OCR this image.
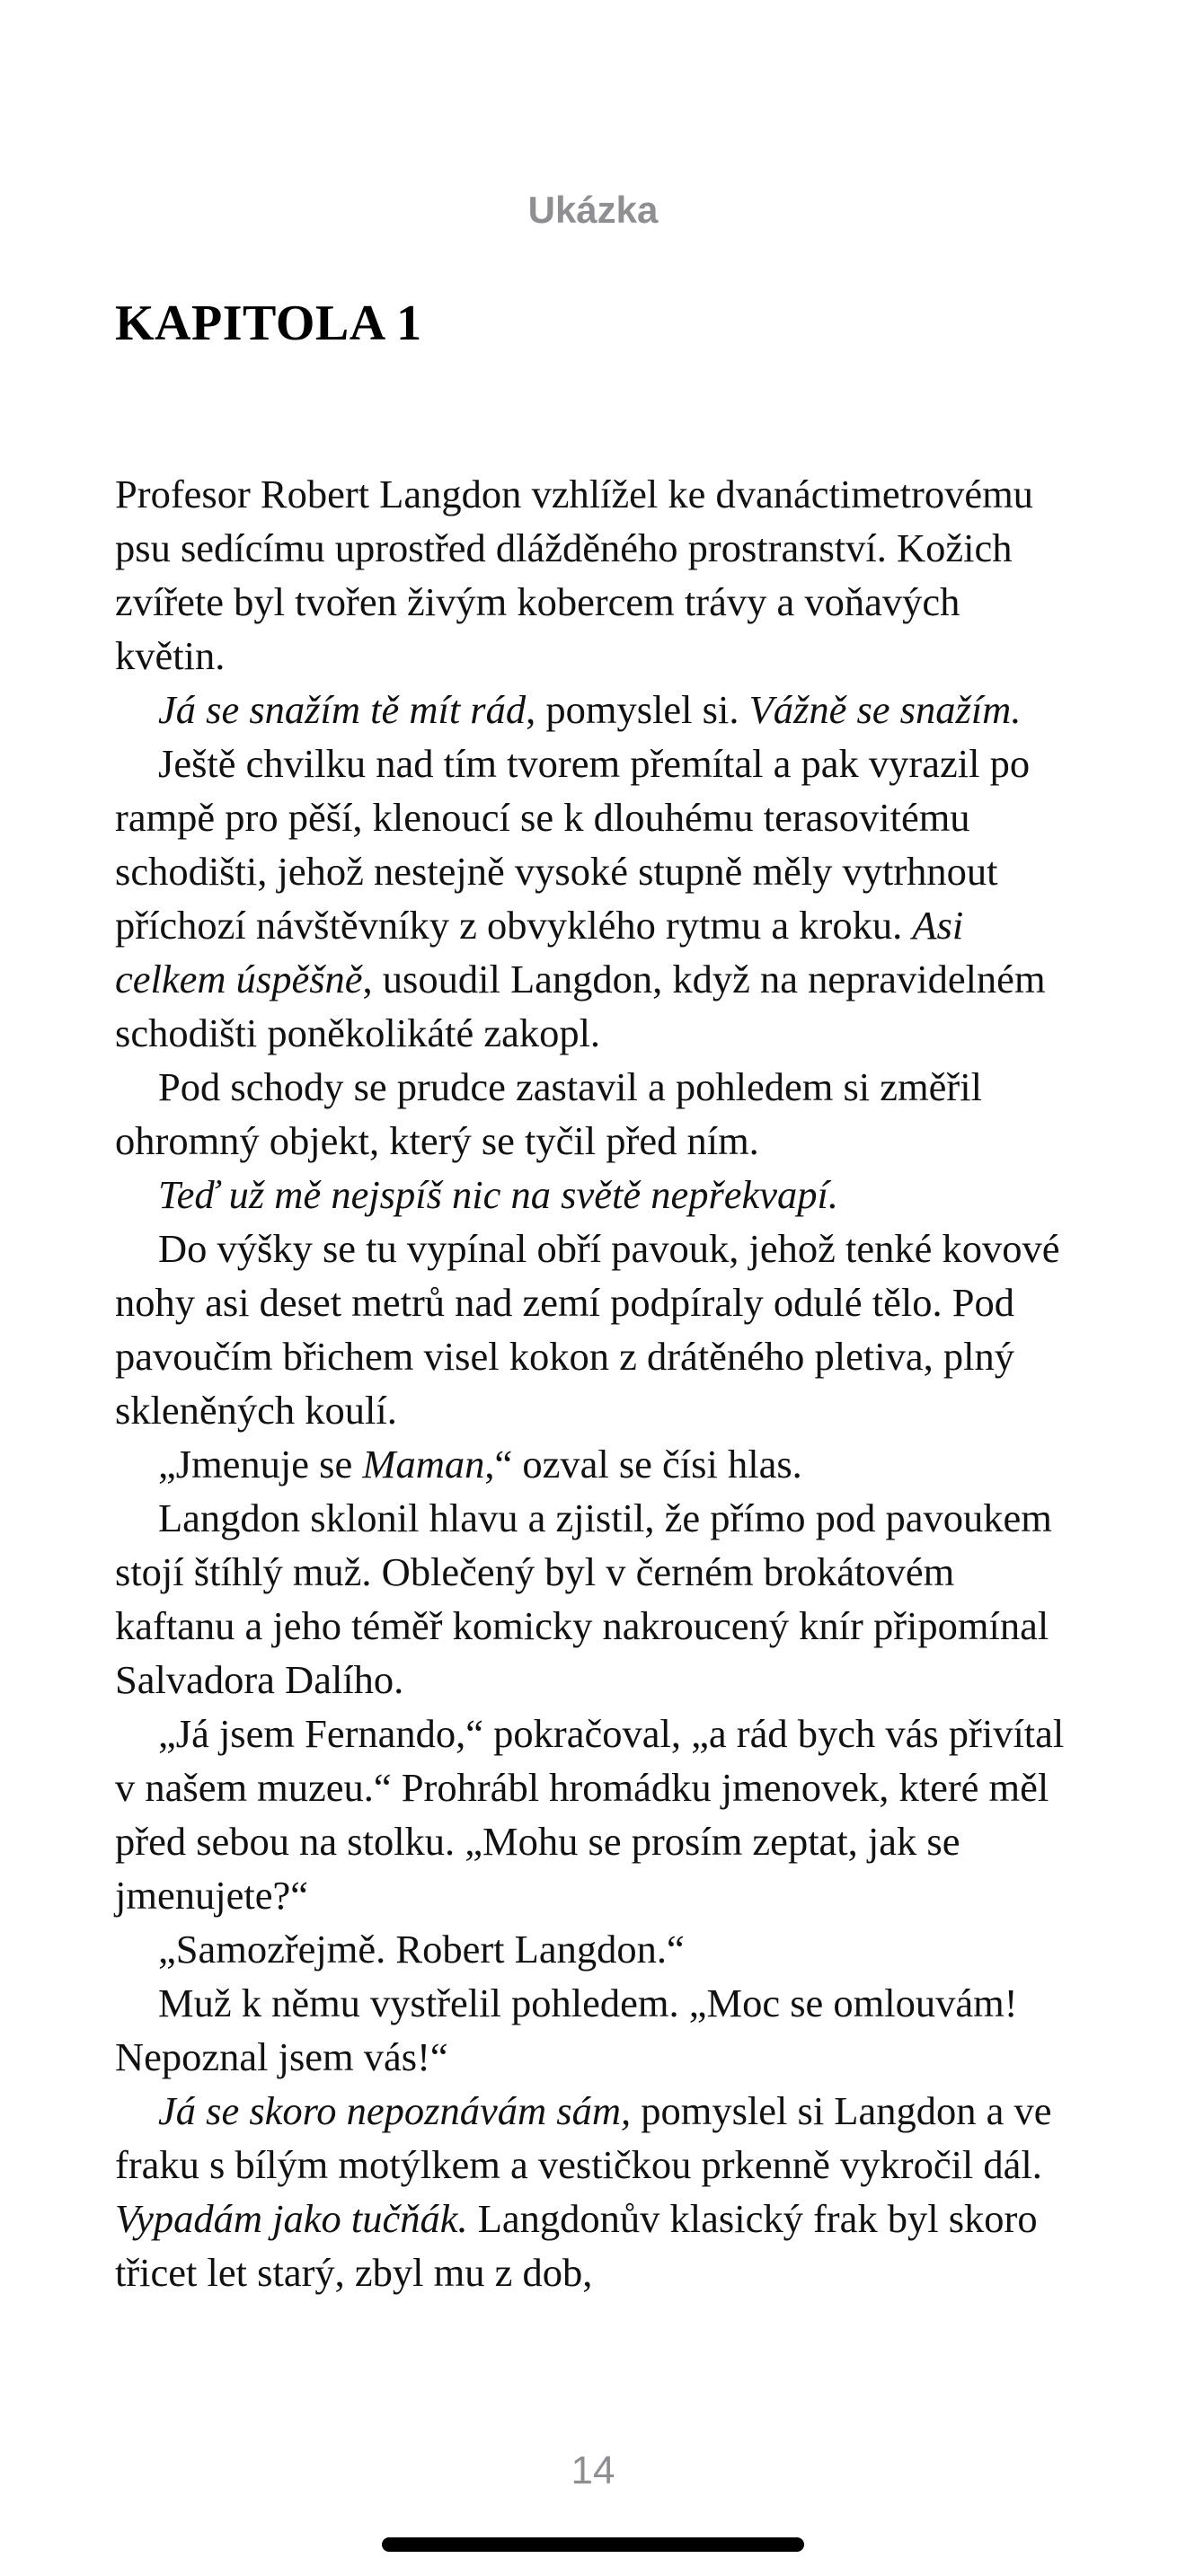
Ukázka
KAPITOLA 1

Profesor Robert Langdon vzhlížel ke dvanáctimetrovému psu sedícímu uprostřed dlážděného prostranství. Kožich zvířete byl tvořen živým kobercem trávy a voňavých květin.

Já se snažím tě mít rád, pomyslel si. Vážně se snažím.

Ještě chvilku nad tím tvorem přemítal a pak vyrazil po rampě pro pěší, klenoucí se k dlouhému terasovitému schodišti, jehož nestejně vysoké stupně měly vytrhnout příchozí návštěvníky z obvyklého rytmu a kroku. Asi celkem úspěšně, usoudil Langdon, když na nepravidelném schodišti poněkolikáté zakopl.

Pod schody se prudce zastavil a pohledem si změřil ohromný objekt, který se tyčil před ním.

Teď už mě nejspíš nic na světě nepřekvapí.

Do výšky se tu vypínal obří pavouk, jehož tenké kovové nohy asi deset metrů nad zemí podpíraly odulé tělo. Pod pavoučím břichem visel kokon z drátěného pletiva, plný skleněných koulí.

„Jmenuje se Maman,“ ozval se čísi hlas.

Langdon sklonil hlavu a zjistil, že přímo pod pavoukem stojí štíhlý muž. Oblečený byl v černém brokátovém kaftanu a jeho téměř komicky nakroucený knír připomínal Salvadora Dalího.

„Já jsem Fernando,“ pokračoval, „a rád bych vás přivítal v našem muzeu.“ Prohrábl hromádku jmenovek, které měl před sebou na stolku. „Mohu se prosím zeptat, jak se jmenujete?“

„Samozřejmě. Robert Langdon.“

Muž k němu vystřelil pohledem. „Moc se omlouvám! Nepoznal jsem vás!“

Já se skoro nepoznávám sám, pomyslel si Langdon a ve fraku s bílým motýlkem a vestičkou prkenně vykročil dál. Vypadám jako tučňák. Langdonův klasický frak byl skoro třicet let starý, zbyl mu z dob,

14
